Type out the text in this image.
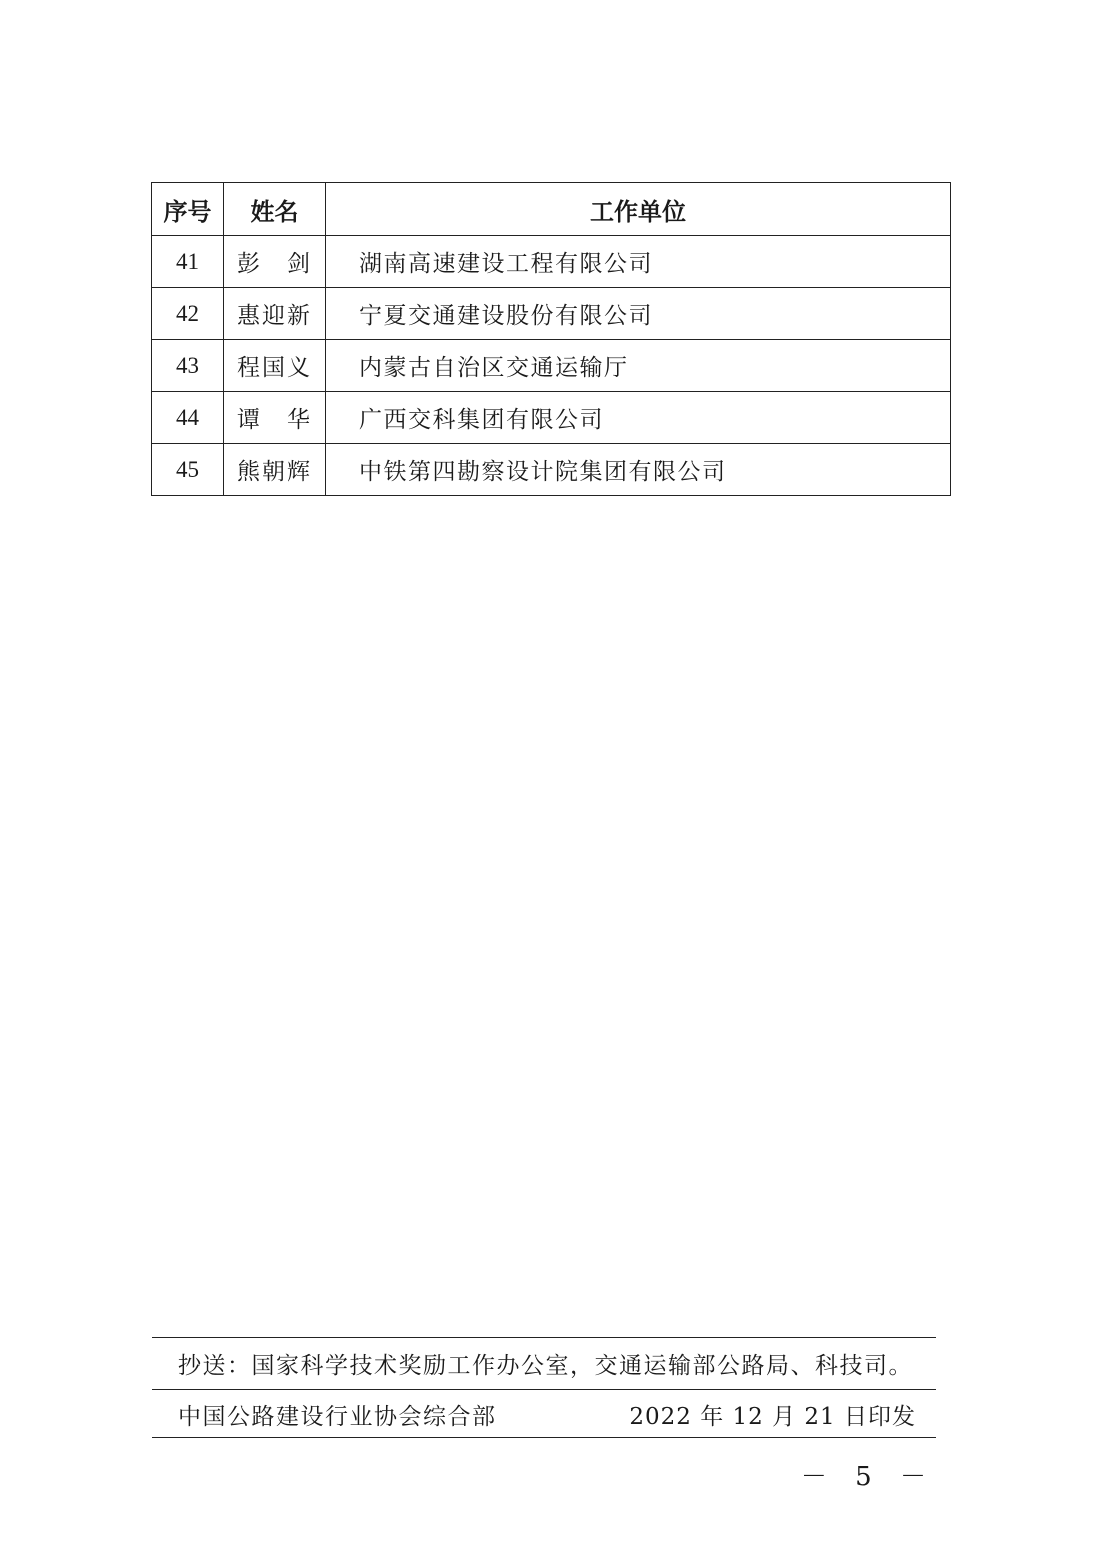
序号	姓名	工作单位
41	彭　剑	湖南高速建设工程有限公司
42	惠迎新	宁夏交通建设股份有限公司
43	程国义	内蒙古自治区交通运输厅
44	谭　华	广西交科集团有限公司
45	熊朝辉	中铁第四勘察设计院集团有限公司
抄送：国家科学技术奖励工作办公室，交通运输部公路局、科技司。
中国公路建设行业协会综合部	2022 年 12 月 21 日印发
－ 5 －
